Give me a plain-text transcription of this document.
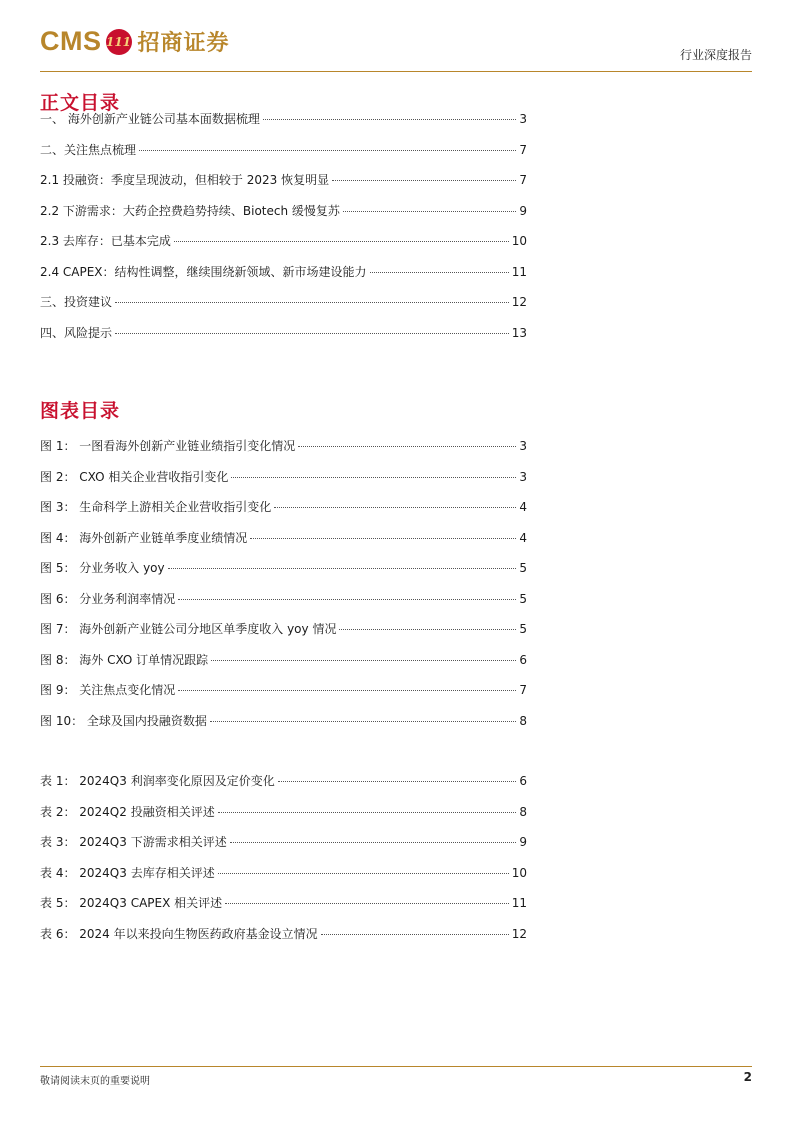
CMS 111 招商证券	行业深度报告
正文目录
一、 海外创新产业链公司基本面数据梳理	3
二、关注焦点梳理	7
2.1 投融资：季度呈现波动，但相较于 2023 恢复明显	7
2.2 下游需求：大药企控费趋势持续、Biotech 缓慢复苏	9
2.3 去库存：已基本完成	10
2.4 CAPEX：结构性调整，继续围绕新领域、新市场建设能力	11
三、投资建议	12
四、风险提示	13
图表目录
图 1： 一图看海外创新产业链业绩指引变化情况	3
图 2： CXO 相关企业营收指引变化	3
图 3： 生命科学上游相关企业营收指引变化	4
图 4： 海外创新产业链单季度业绩情况	4
图 5： 分业务收入 yoy	5
图 6： 分业务利润率情况	5
图 7： 海外创新产业链公司分地区单季度收入 yoy 情况	5
图 8： 海外 CXO 订单情况跟踪	6
图 9： 关注焦点变化情况	7
图 10： 全球及国内投融资数据	8
表 1： 2024Q3 利润率变化原因及定价变化	6
表 2： 2024Q2 投融资相关评述	8
表 3： 2024Q3 下游需求相关评述	9
表 4： 2024Q3 去库存相关评述	10
表 5： 2024Q3 CAPEX 相关评述	11
表 6： 2024 年以来投向生物医药政府基金设立情况	12
敬请阅读末页的重要说明	2
